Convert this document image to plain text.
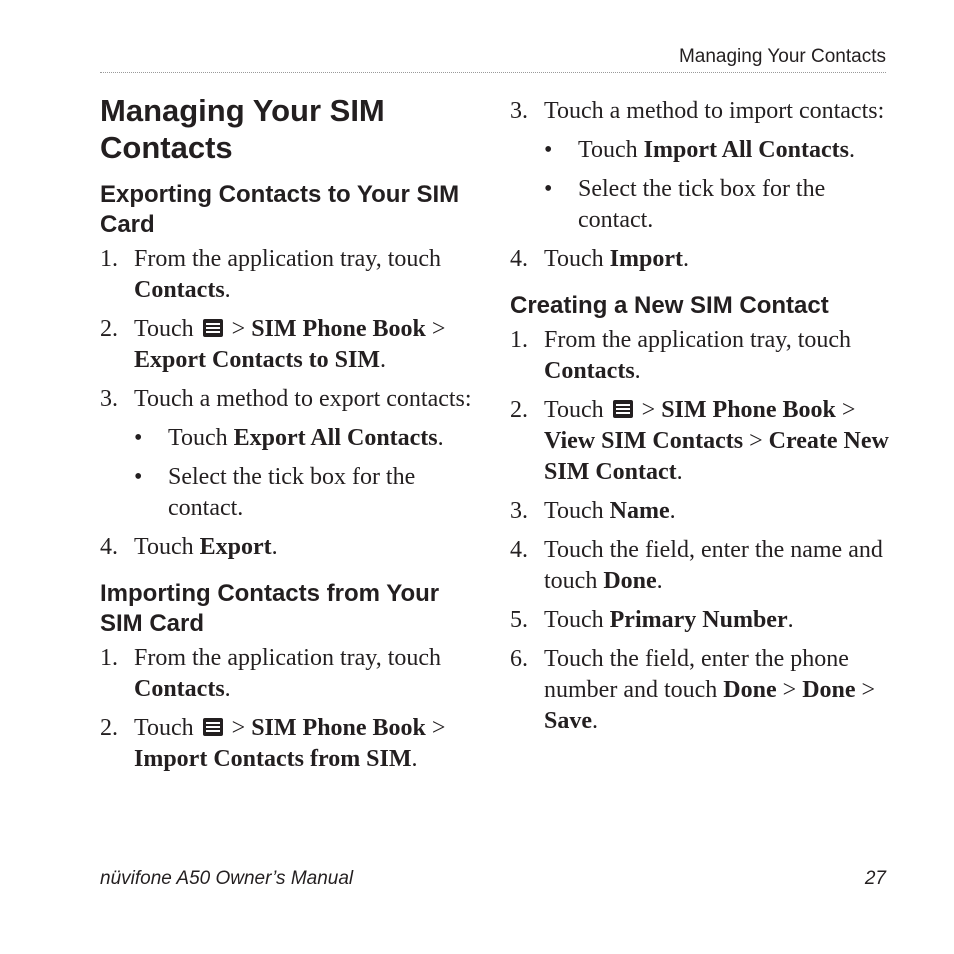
Managing Your Contacts
Managing Your SIM Contacts
Exporting Contacts to Your SIM Card
1. From the application tray, touch Contacts.
2. Touch  > SIM Phone Book > Export Contacts to SIM.
3. Touch a method to export contacts:
• Touch Export All Contacts.
• Select the tick box for the contact.
4. Touch Export.
Importing Contacts from Your SIM Card
1. From the application tray, touch Contacts.
2. Touch  > SIM Phone Book > Import Contacts from SIM.
3. Touch a method to import contacts:
• Touch Import All Contacts.
• Select the tick box for the contact.
4. Touch Import.
Creating a New SIM Contact
1. From the application tray, touch Contacts.
2. Touch  > SIM Phone Book > View SIM Contacts > Create New SIM Contact.
3. Touch Name.
4. Touch the field, enter the name and touch Done.
5. Touch Primary Number.
6. Touch the field, enter the phone number and touch Done > Done > Save.
nüvifone A50 Owner’s Manual	27
